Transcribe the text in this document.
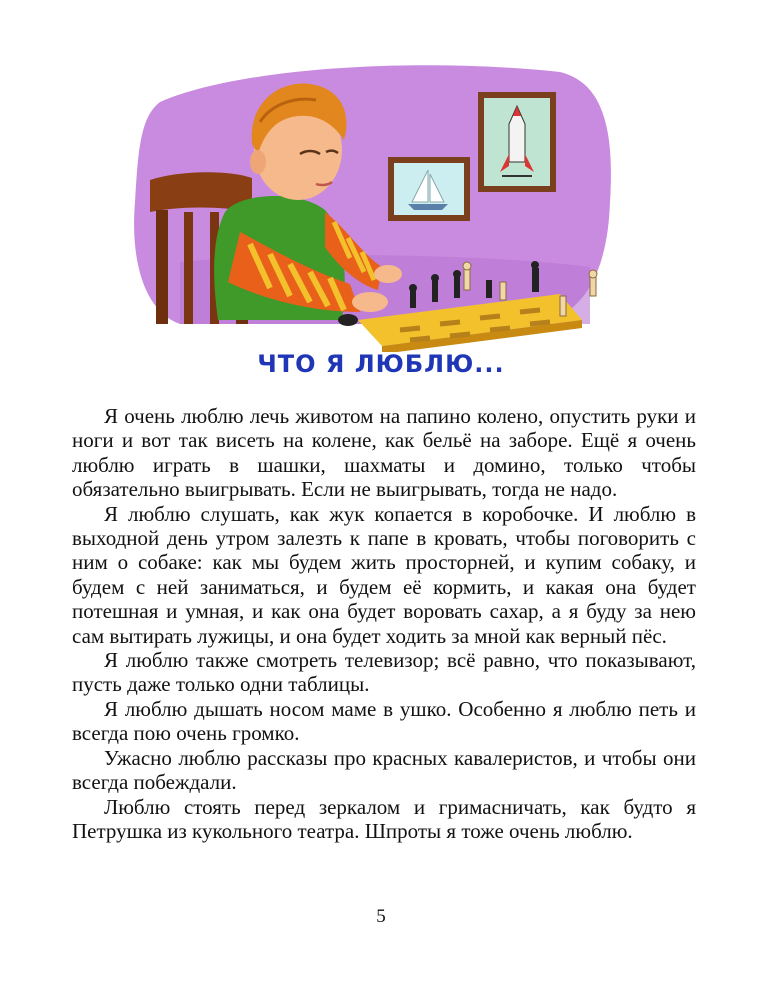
ЧТО Я ЛЮБЛЮ...

Я очень люблю лечь животом на папино колено, опустить руки и ноги и вот так висеть на колене, как бельё на заборе. Ещё я очень люблю играть в шашки, шахматы и домино, только чтобы обязательно выигрывать. Если не выигрывать, тогда не надо.

Я люблю слушать, как жук копается в коробочке. И люблю в выходной день утром залезть к папе в кровать, чтобы поговорить с ним о собаке: как мы будем жить просторней, и купим собаку, и будем с ней заниматься, и будем её кормить, и какая она будет потешная и умная, и как она будет воровать сахар, а я буду за нею сам вытирать лужицы, и она будет ходить за мной как верный пёс.

Я люблю также смотреть телевизор; всё равно, что показывают, пусть даже только одни таблицы.

Я люблю дышать носом маме в ушко. Особенно я люблю петь и всегда пою очень громко.

Ужасно люблю рассказы про красных кавалеристов, и чтобы они всегда побеждали.

Люблю стоять перед зеркалом и гримасничать, как будто я Петрушка из кукольного театра. Шпроты я тоже очень люблю.

5
